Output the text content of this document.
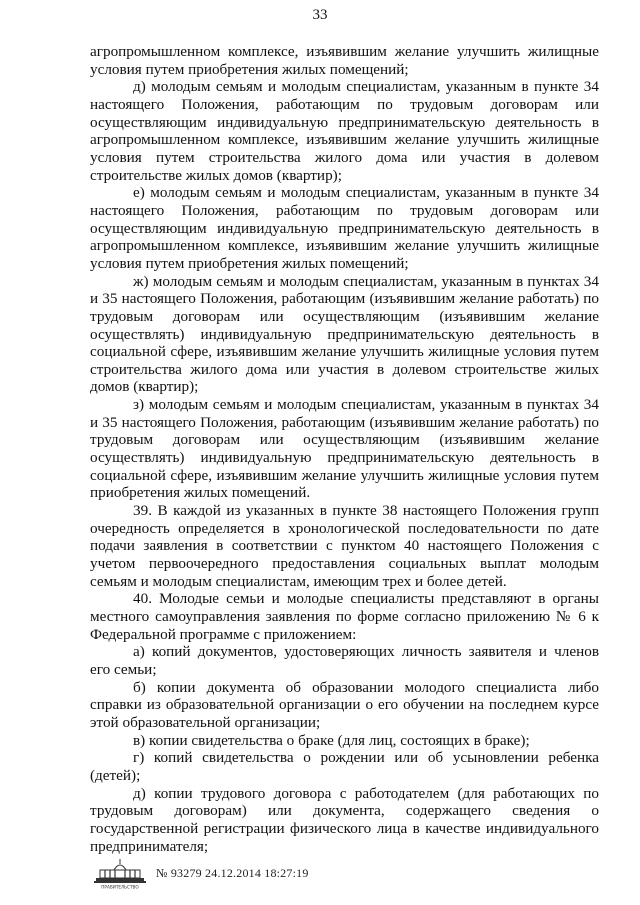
33

агропромышленном комплексе, изъявившим желание улучшить жилищные условия путем приобретения жилых помещений;

д) молодым семьям и молодым специалистам, указанным в пункте 34 настоящего Положения, работающим по трудовым договорам или осуществляющим индивидуальную предпринимательскую деятельность в агропромышленном комплексе, изъявившим желание улучшить жилищные условия путем строительства жилого дома или участия в долевом строительстве жилых домов (квартир);

е) молодым семьям и молодым специалистам, указанным в пункте 34 настоящего Положения, работающим по трудовым договорам или осуществляющим индивидуальную предпринимательскую деятельность в агропромышленном комплексе, изъявившим желание улучшить жилищные условия путем приобретения жилых помещений;

ж) молодым семьям и молодым специалистам, указанным в пунктах 34 и 35 настоящего Положения, работающим (изъявившим желание работать) по трудовым договорам или осуществляющим (изъявившим желание осуществлять) индивидуальную предпринимательскую деятельность в социальной сфере, изъявившим желание улучшить жилищные условия путем строительства жилого дома или участия в долевом строительстве жилых домов (квартир);

з) молодым семьям и молодым специалистам, указанным в пунктах 34 и 35 настоящего Положения, работающим (изъявившим желание работать) по трудовым договорам или осуществляющим (изъявившим желание осуществлять) индивидуальную предпринимательскую деятельность в социальной сфере, изъявившим желание улучшить жилищные условия путем приобретения жилых помещений.

39. В каждой из указанных в пункте 38 настоящего Положения групп очередность определяется в хронологической последовательности по дате подачи заявления в соответствии с пунктом 40 настоящего Положения с учетом первоочередного предоставления социальных выплат молодым семьям и молодым специалистам, имеющим трех и более детей.

40. Молодые семьи и молодые специалисты представляют в органы местного самоуправления заявления по форме согласно приложению № 6 к Федеральной программе с приложением:

а) копий документов, удостоверяющих личность заявителя и членов его семьи;

б) копии документа об образовании молодого специалиста либо справки из образовательной организации о его обучении на последнем курсе этой образовательной организации;

в) копии свидетельства о браке (для лиц, состоящих в браке);

г) копий свидетельства о рождении или об усыновлении ребенка (детей);

д) копии трудового договора с работодателем (для работающих по трудовым договорам) или документа, содержащего сведения о государственной регистрации физического лица в качестве индивидуального предпринимателя;

ПРАВИТЕЛЬСТВО
№ 93279 24.12.2014 18:27:19
